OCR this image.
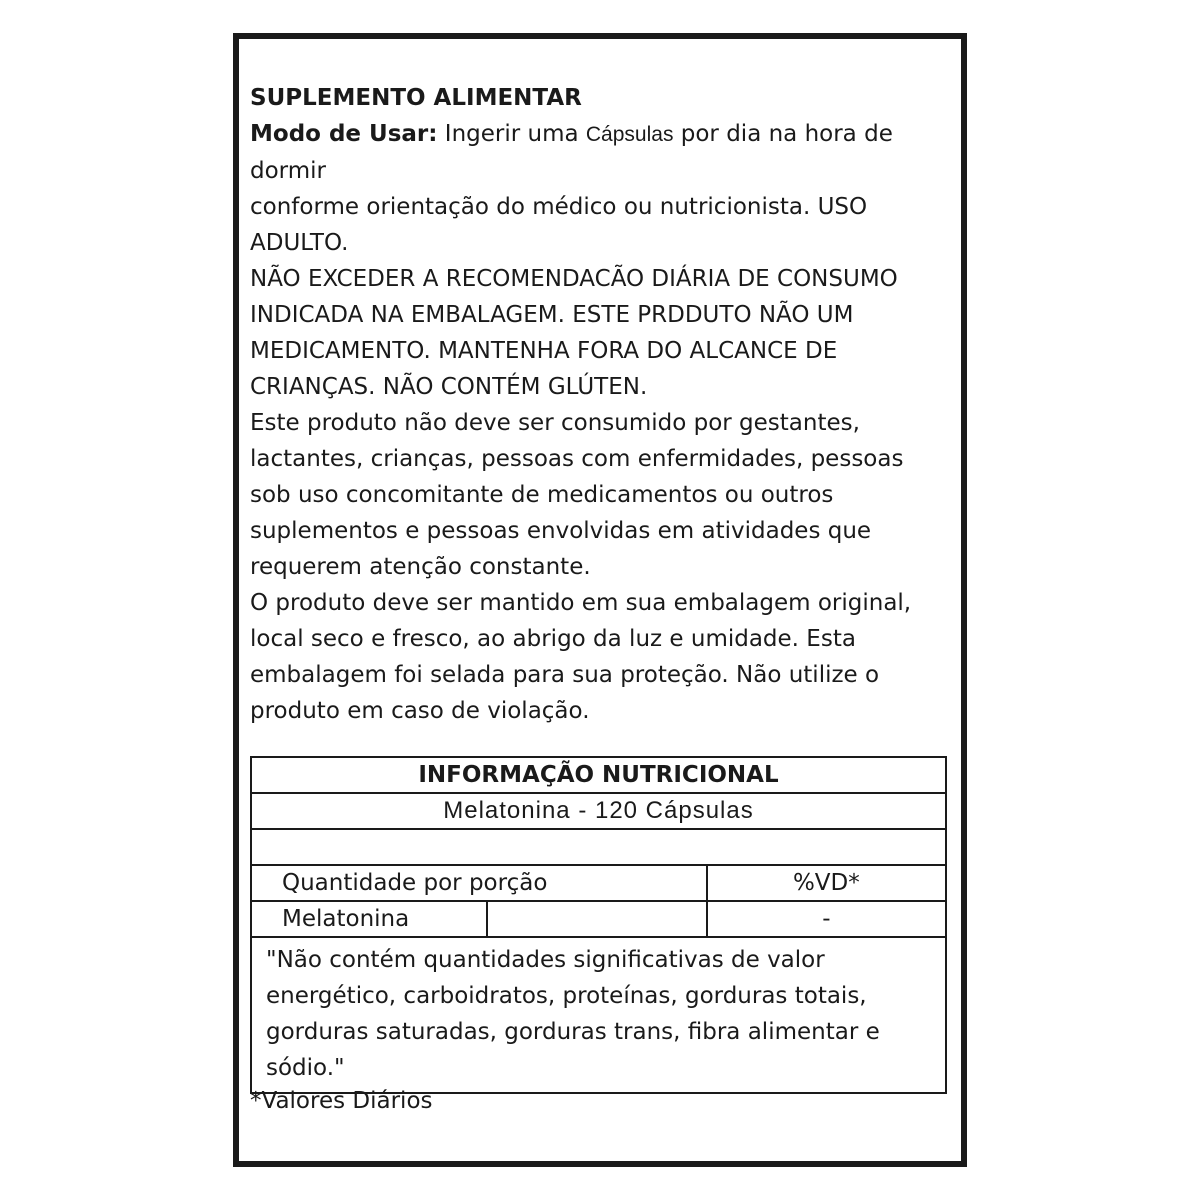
SUPLEMENTO ALIMENTAR
Modo de Usar: Ingerir uma Cápsulas por dia na hora de
dormir
conforme orientação do médico ou nutricionista. USO
ADULTO.
NÃO EXCEDER A RECOMENDACÃO DIÁRIA DE CONSUMO
INDICADA NA EMBALAGEM. ESTE PRDDUTO NÃO UM
MEDICAMENTO. MANTENHA FORA DO ALCANCE DE
CRIANÇAS. NÃO CONTÉM GLÚTEN.
Este produto não deve ser consumido por gestantes,
lactantes, crianças, pessoas com enfermidades, pessoas
sob uso concomitante de medicamentos ou outros
suplementos e pessoas envolvidas em atividades que
requerem atenção constante.
O produto deve ser mantido em sua embalagem original,
local seco e fresco, ao abrigo da luz e umidade. Esta
embalagem foi selada para sua proteção. Não utilize o
produto em caso de violação.
INFORMAÇÃO NUTRICIONAL		
Melatonina - 120 Cápsulas		

Quantidade por porção		%VD*
Melatonina		-

"Não contém quantidades significativas de valor
energético, carboidratos, proteínas, gorduras totais,
gorduras saturadas, gorduras trans, fibra alimentar e
sódio."		
*Valores Diários
